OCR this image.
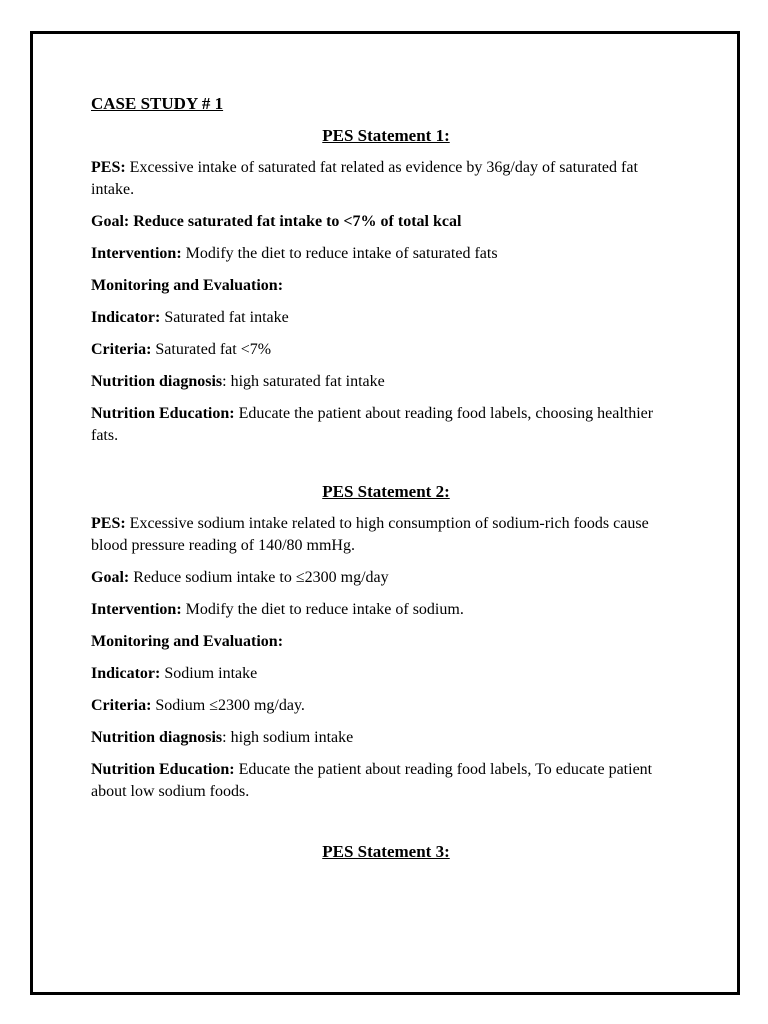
CASE STUDY # 1
PES Statement 1:

PES: Excessive intake of saturated fat related as evidence by 36g/day of saturated fat intake.

Goal: Reduce saturated fat intake to <7% of total kcal

Intervention: Modify the diet to reduce intake of saturated fats

Monitoring and Evaluation:

Indicator: Saturated fat intake

Criteria: Saturated fat <7%

Nutrition diagnosis: high saturated fat intake

Nutrition Education: Educate the patient about reading food labels, choosing healthier fats.

PES Statement 2:

PES: Excessive sodium intake related to high consumption of sodium-rich foods cause blood pressure reading of 140/80 mmHg.

Goal: Reduce sodium intake to ≤2300 mg/day

Intervention: Modify the diet to reduce intake of sodium.

Monitoring and Evaluation:

Indicator: Sodium intake

Criteria: Sodium ≤2300 mg/day.

Nutrition diagnosis: high sodium intake

Nutrition Education: Educate the patient about reading food labels, To educate patient about low sodium foods.

PES Statement 3:
